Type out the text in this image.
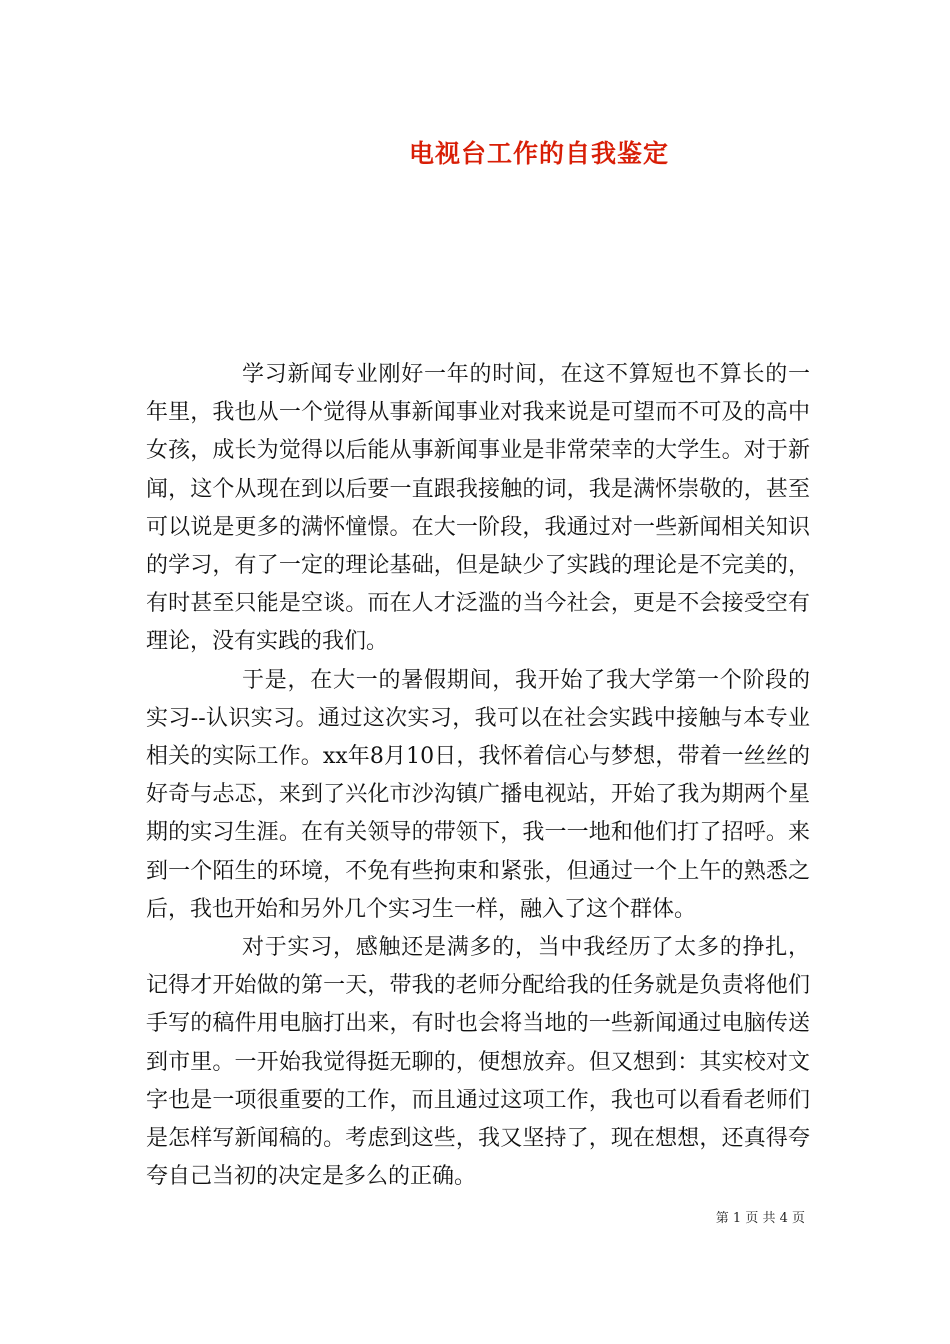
电视台工作的自我鉴定

学习新闻专业刚好一年的时间，在这不算短也不算长的一年里，我也从一个觉得从事新闻事业对我来说是可望而不可及的高中女孩，成长为觉得以后能从事新闻事业是非常荣幸的大学生。对于新闻，这个从现在到以后要一直跟我接触的词，我是满怀崇敬的，甚至可以说是更多的满怀憧憬。在大一阶段，我通过对一些新闻相关知识的学习，有了一定的理论基础，但是缺少了实践的理论是不完美的，有时甚至只能是空谈。而在人才泛滥的当今社会，更是不会接受空有理论，没有实践的我们。

于是，在大一的暑假期间，我开始了我大学第一个阶段的实习--认识实习。通过这次实习，我可以在社会实践中接触与本专业相关的实际工作。xx年8月10日，我怀着信心与梦想，带着一丝丝的好奇与忐忑，来到了兴化市沙沟镇广播电视站，开始了我为期两个星期的实习生涯。在有关领导的带领下，我一一地和他们打了招呼。来到一个陌生的环境，不免有些拘束和紧张，但通过一个上午的熟悉之后，我也开始和另外几个实习生一样，融入了这个群体。

对于实习，感触还是满多的，当中我经历了太多的挣扎，记得才开始做的第一天，带我的老师分配给我的任务就是负责将他们手写的稿件用电脑打出来，有时也会将当地的一些新闻通过电脑传送到市里。一开始我觉得挺无聊的，便想放弃。但又想到：其实校对文字也是一项很重要的工作，而且通过这项工作，我也可以看看老师们是怎样写新闻稿的。考虑到这些，我又坚持了，现在想想，还真得夸夸自己当初的决定是多么的正确。

第 1 页 共 4 页
